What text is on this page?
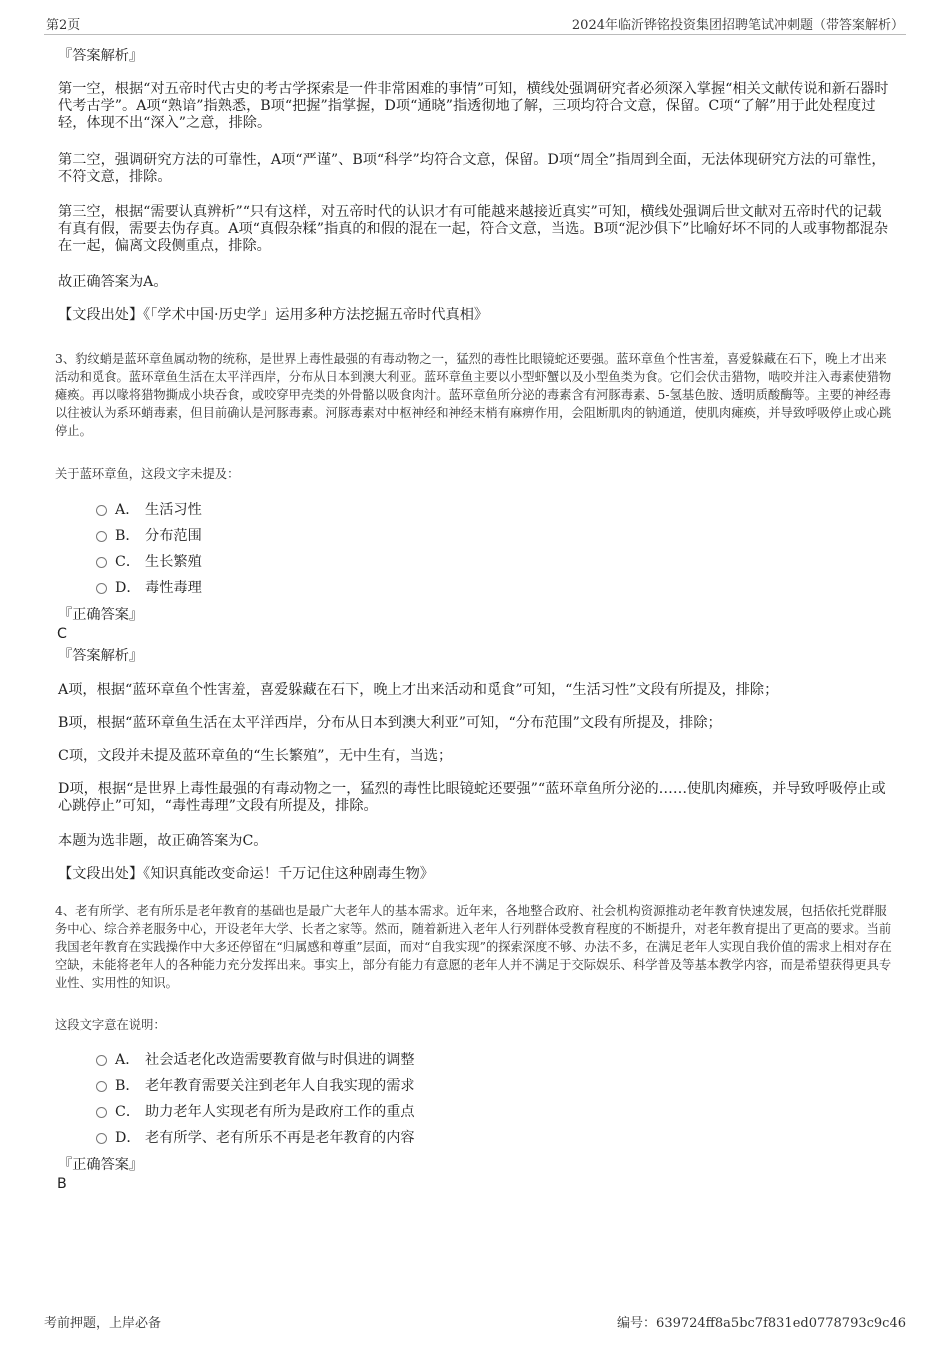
第2页	2024年临沂铧铭投资集团招聘笔试冲刺题（带答案解析）
『答案解析』

第一空，根据“对五帝时代古史的考古学探索是一件非常困难的事情”可知，横线处强调研究者必须深入掌握“相关文献传说和新石器时代考古学”。A项“熟谙”指熟悉，B项“把握”指掌握，D项“通晓”指透彻地了解，三项均符合文意，保留。C项“了解”用于此处程度过轻，体现不出“深入”之意，排除。

第二空，强调研究方法的可靠性，A项“严谨”、B项“科学”均符合文意，保留。D项“周全”指周到全面，无法体现研究方法的可靠性，不符文意，排除。

第三空，根据“需要认真辨析”“只有这样，对五帝时代的认识才有可能越来越接近真实”可知，横线处强调后世文献对五帝时代的记载有真有假，需要去伪存真。A项“真假杂糅”指真的和假的混在一起，符合文意，当选。B项“泥沙俱下”比喻好坏不同的人或事物都混杂在一起，偏离文段侧重点，排除。

故正确答案为A。

【文段出处】《「学术中国·历史学」运用多种方法挖掘五帝时代真相》

3、豹纹蛸是蓝环章鱼属动物的统称，是世界上毒性最强的有毒动物之一，猛烈的毒性比眼镜蛇还要强。蓝环章鱼个性害羞，喜爱躲藏在石下，晚上才出来活动和觅食。蓝环章鱼生活在太平洋西岸，分布从日本到澳大利亚。蓝环章鱼主要以小型虾蟹以及小型鱼类为食。它们会伏击猎物，啮咬并注入毒素使猎物瘫痪。再以喙将猎物撕成小块吞食，或咬穿甲壳类的外骨骼以吸食肉汁。蓝环章鱼所分泌的毒素含有河豚毒素、5-氢基色胺、透明质酸酶等。主要的神经毒以往被认为系环蛸毒素，但目前确认是河豚毒素。河豚毒素对中枢神经和神经末梢有麻痹作用，会阻断肌肉的钠通道，使肌肉瘫痪，并导致呼吸停止或心跳停止。

关于蓝环章鱼，这段文字未提及：

A． 生活习性
B． 分布范围
C． 生长繁殖
D． 毒性毒理
『正确答案』
C
『答案解析』

A项，根据“蓝环章鱼个性害羞，喜爱躲藏在石下，晚上才出来活动和觅食”可知，“生活习性”文段有所提及，排除；

B项，根据“蓝环章鱼生活在太平洋西岸，分布从日本到澳大利亚”可知，“分布范围”文段有所提及，排除；

C项，文段并未提及蓝环章鱼的“生长繁殖”，无中生有，当选；

D项，根据“是世界上毒性最强的有毒动物之一，猛烈的毒性比眼镜蛇还要强”“蓝环章鱼所分泌的……使肌肉瘫痪，并导致呼吸停止或心跳停止”可知，“毒性毒理”文段有所提及，排除。

本题为选非题，故正确答案为C。

【文段出处】《知识真能改变命运！千万记住这种剧毒生物》

4、老有所学、老有所乐是老年教育的基础也是最广大老年人的基本需求。近年来，各地整合政府、社会机构资源推动老年教育快速发展，包括依托党群服务中心、综合养老服务中心，开设老年大学、长者之家等。然而，随着新进入老年人行列群体受教育程度的不断提升，对老年教育提出了更高的要求。当前我国老年教育在实践操作中大多还停留在“归属感和尊重”层面，而对“自我实现”的探索深度不够、办法不多，在满足老年人实现自我价值的需求上相对存在空缺，未能将老年人的各种能力充分发挥出来。事实上，部分有能力有意愿的老年人并不满足于交际娱乐、科学普及等基本教学内容，而是希望获得更具专业性、实用性的知识。

这段文字意在说明：

A． 社会适老化改造需要教育做与时俱进的调整
B． 老年教育需要关注到老年人自我实现的需求
C． 助力老年人实现老有所为是政府工作的重点
D． 老有所学、老有所乐不再是老年教育的内容
『正确答案』
B
考前押题，上岸必备	编号：639724ff8a5bc7f831ed0778793c9c46
